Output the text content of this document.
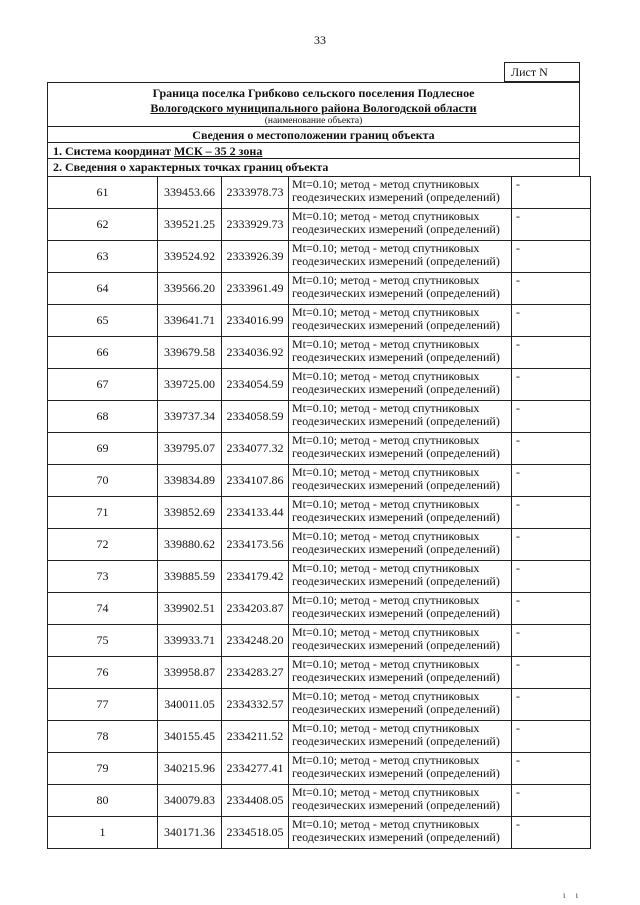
33
Лист N
Граница поселка Грибково сельского поселения Подлесное
Вологодского муниципального района Вологодской области
(наименование объекта)
Сведения о местоположении границ объекта
1. Система координат МСК – 35 2 зона
2. Сведения о характерных точках границ объекта
61	339453.66	2333978.73	Mt=0.10; метод - метод спутниковых геодезических измерений (определений)	-
62	339521.25	2333929.73	Mt=0.10; метод - метод спутниковых геодезических измерений (определений)	-
63	339524.92	2333926.39	Mt=0.10; метод - метод спутниковых геодезических измерений (определений)	-
64	339566.20	2333961.49	Mt=0.10; метод - метод спутниковых геодезических измерений (определений)	-
65	339641.71	2334016.99	Mt=0.10; метод - метод спутниковых геодезических измерений (определений)	-
66	339679.58	2334036.92	Mt=0.10; метод - метод спутниковых геодезических измерений (определений)	-
67	339725.00	2334054.59	Mt=0.10; метод - метод спутниковых геодезических измерений (определений)	-
68	339737.34	2334058.59	Mt=0.10; метод - метод спутниковых геодезических измерений (определений)	-
69	339795.07	2334077.32	Mt=0.10; метод - метод спутниковых геодезических измерений (определений)	-
70	339834.89	2334107.86	Mt=0.10; метод - метод спутниковых геодезических измерений (определений)	-
71	339852.69	2334133.44	Mt=0.10; метод - метод спутниковых геодезических измерений (определений)	-
72	339880.62	2334173.56	Mt=0.10; метод - метод спутниковых геодезических измерений (определений)	-
73	339885.59	2334179.42	Mt=0.10; метод - метод спутниковых геодезических измерений (определений)	-
74	339902.51	2334203.87	Mt=0.10; метод - метод спутниковых геодезических измерений (определений)	-
75	339933.71	2334248.20	Mt=0.10; метод - метод спутниковых геодезических измерений (определений)	-
76	339958.87	2334283.27	Mt=0.10; метод - метод спутниковых геодезических измерений (определений)	-
77	340011.05	2334332.57	Mt=0.10; метод - метод спутниковых геодезических измерений (определений)	-
78	340155.45	2334211.52	Mt=0.10; метод - метод спутниковых геодезических измерений (определений)	-
79	340215.96	2334277.41	Mt=0.10; метод - метод спутниковых геодезических измерений (определений)	-
80	340079.83	2334408.05	Mt=0.10; метод - метод спутниковых геодезических измерений (определений)	-
1	340171.36	2334518.05	Mt=0.10; метод - метод спутниковых геодезических измерений (определений)	-
ι ι
